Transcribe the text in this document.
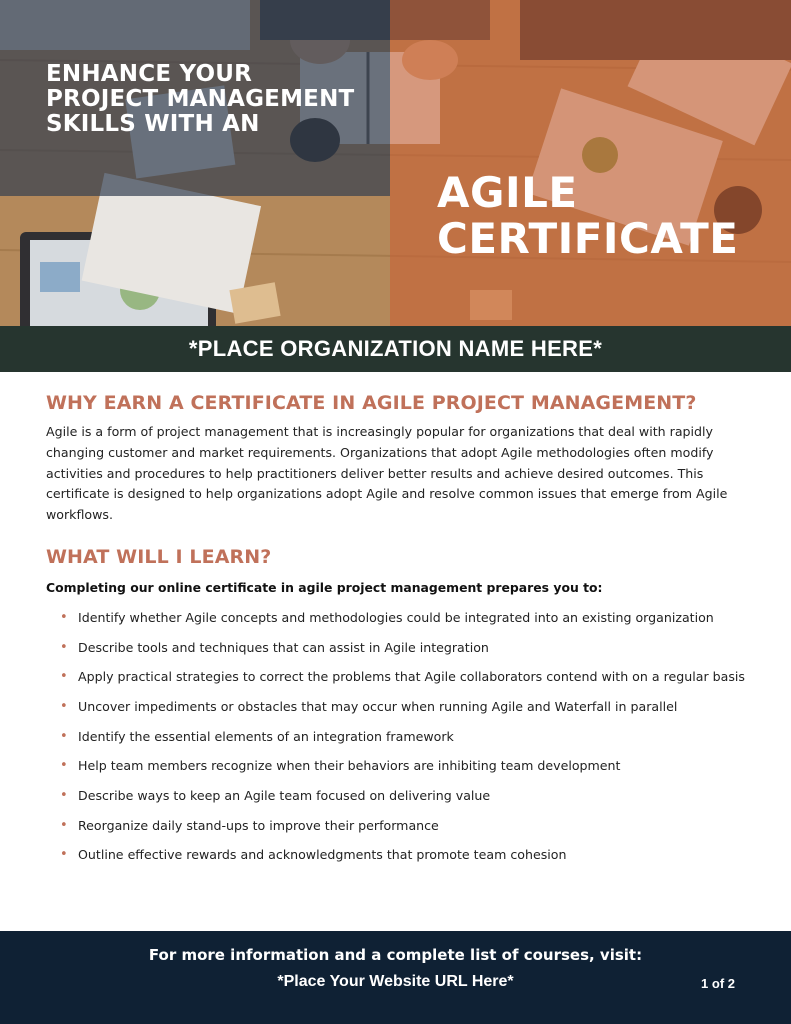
ENHANCE YOUR PROJECT MANAGEMENT SKILLS WITH AN
AGILE
CERTIFICATE
*PLACE ORGANIZATION NAME HERE*
WHY EARN A CERTIFICATE IN AGILE PROJECT MANAGEMENT?

Agile is a form of project management that is increasingly popular for organizations that deal with rapidly changing customer and market requirements. Organizations that adopt Agile methodologies often modify activities and procedures to help practitioners deliver better results and achieve desired outcomes. This certificate is designed to help organizations adopt Agile and resolve common issues that emerge from Agile workflows.

WHAT WILL I LEARN?

Completing our online certificate in agile project management prepares you to:

• Identify whether Agile concepts and methodologies could be integrated into an existing organization
• Describe tools and techniques that can assist in Agile integration
• Apply practical strategies to correct the problems that Agile collaborators contend with on a regular basis
• Uncover impediments or obstacles that may occur when running Agile and Waterfall in parallel
• Identify the essential elements of an integration framework
• Help team members recognize when their behaviors are inhibiting team development
• Describe ways to keep an Agile team focused on delivering value
• Reorganize daily stand-ups to improve their performance
• Outline effective rewards and acknowledgments that promote team cohesion
For more information and a complete list of courses, visit:
*Place Your Website URL Here*	1 of 2
